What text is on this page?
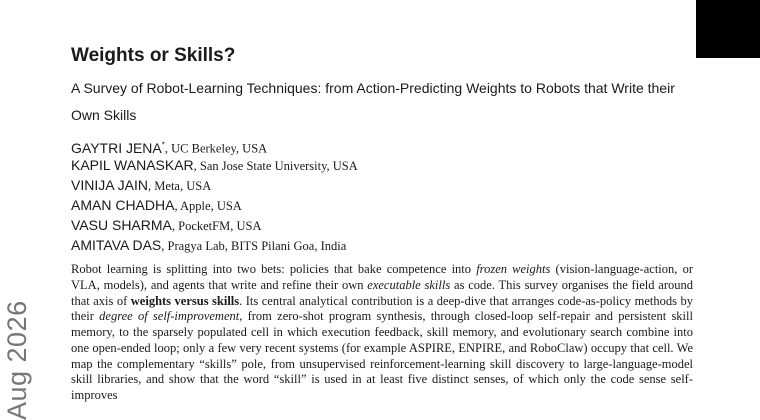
Aug 2026
Weights or Skills?
A Survey of Robot-Learning Techniques: from Action-Predicting Weights to Robots that Write their Own Skills
GAYTRI JENA*, UC Berkeley, USA
KAPIL WANASKAR, San Jose State University, USA
VINIJA JAIN, Meta, USA
AMAN CHADHA, Apple, USA
VASU SHARMA, PocketFM, USA
AMITAVA DAS, Pragya Lab, BITS Pilani Goa, India
Robot learning is splitting into two bets: policies that bake competence into frozen weights (vision-language-action, or VLA, models), and agents that write and refine their own executable skills as code. This survey organises the field around that axis of weights versus skills. Its central analytical contribution is a deep-dive that arranges code-as-policy methods by their degree of self-improvement, from zero-shot program synthesis, through closed-loop self-repair and persistent skill memory, to the sparsely populated cell in which execution feedback, skill memory, and evolutionary search combine into one open-ended loop; only a few very recent systems (for example ASPIRE, ENPIRE, and RoboClaw) occupy that cell. We map the complementary “skills” pole, from unsupervised reinforcement-learning skill discovery to large-language-model skill libraries, and show that the word “skill” is used in at least five distinct senses, of which only the code sense self-improves
